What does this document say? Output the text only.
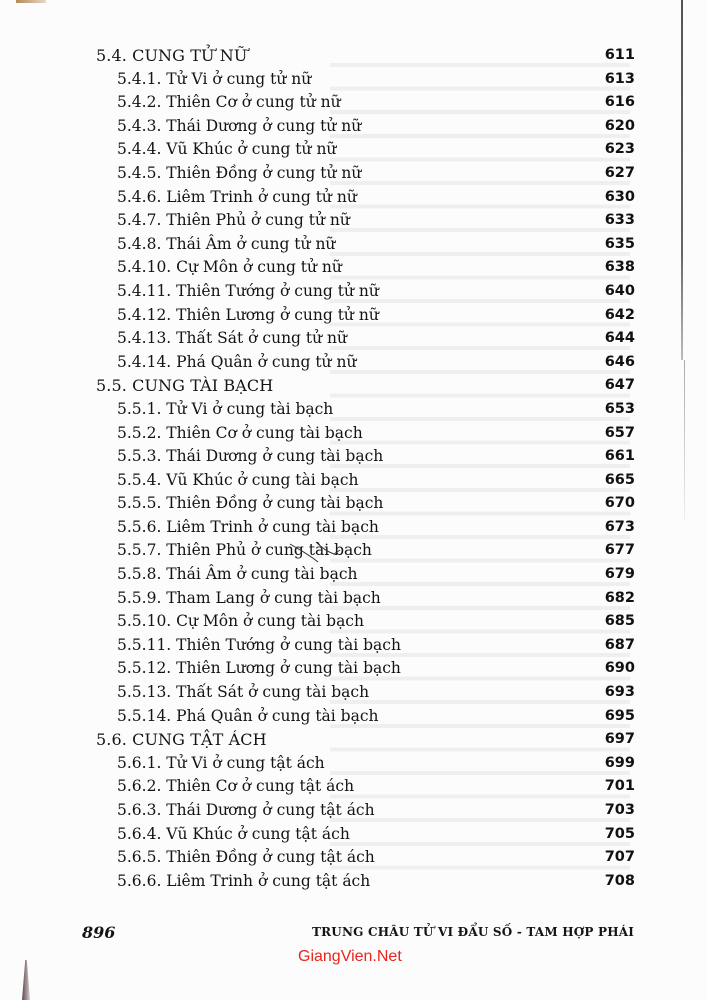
5.4. CUNG TỬ NỮ	611
5.4.1. Tử Vi ở cung tử nữ	613
5.4.2. Thiên Cơ ở cung tử nữ	616
5.4.3. Thái Dương ở cung tử nữ	620
5.4.4. Vũ Khúc ở cung tử nữ	623
5.4.5. Thiên Đồng ở cung tử nữ	627
5.4.6. Liêm Trinh ở cung tử nữ	630
5.4.7. Thiên Phủ ở cung tử nữ	633
5.4.8. Thái Âm ở cung tử nữ	635
5.4.10. Cự Môn ở cung tử nữ	638
5.4.11. Thiên Tướng ở cung tử nữ	640
5.4.12. Thiên Lương ở cung tử nữ	642
5.4.13. Thất Sát ở cung tử nữ	644
5.4.14. Phá Quân ở cung tử nữ	646
5.5. CUNG TÀI BẠCH	647
5.5.1. Tử Vi ở cung tài bạch	653
5.5.2. Thiên Cơ ở cung tài bạch	657
5.5.3. Thái Dương ở cung tài bạch	661
5.5.4. Vũ Khúc ở cung tài bạch	665
5.5.5. Thiên Đồng ở cung tài bạch	670
5.5.6. Liêm Trinh ở cung tài bạch	673
5.5.7. Thiên Phủ ở cung tài bạch	677
5.5.8. Thái Âm ở cung tài bạch	679
5.5.9. Tham Lang ở cung tài bạch	682
5.5.10. Cự Môn ở cung tài bạch	685
5.5.11. Thiên Tướng ở cung tài bạch	687
5.5.12. Thiên Lương ở cung tài bạch	690
5.5.13. Thất Sát ở cung tài bạch	693
5.5.14. Phá Quân ở cung tài bạch	695
5.6. CUNG TẬT ÁCH	697
5.6.1. Tử Vi ở cung tật ách	699
5.6.2. Thiên Cơ ở cung tật ách	701
5.6.3. Thái Dương ở cung tật ách	703
5.6.4. Vũ Khúc ở cung tật ách	705
5.6.5. Thiên Đồng ở cung tật ách	707
5.6.6. Liêm Trinh ở cung tật ách	708
896	TRUNG CHÂU TỬ VI ĐẨU SỐ - TAM HỢP PHÁI
GiangVien.Net
